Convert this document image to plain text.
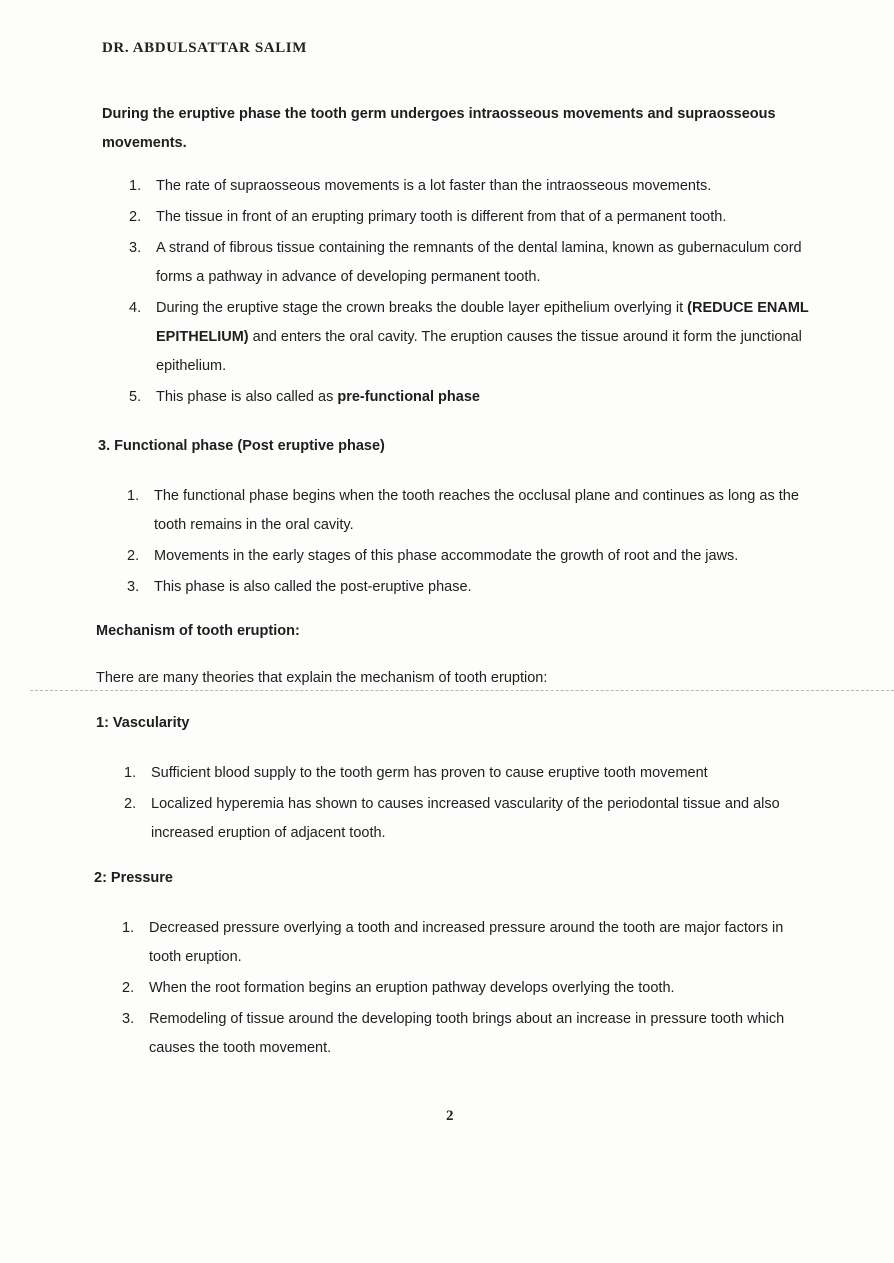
DR. ABDULSATTAR SALIM
During the eruptive phase the tooth germ undergoes intraosseous movements and supraosseous movements.
1. The rate of supraosseous movements is a lot faster than the intraosseous movements.
2. The tissue in front of an erupting primary tooth is different from that of a permanent tooth.
3. A strand of fibrous tissue containing the remnants of the dental lamina, known as gubernaculum cord forms a pathway in advance of developing permanent tooth.
4. During the eruptive stage the crown breaks the double layer epithelium overlying it (REDUCE ENAML EPITHELIUM) and enters the oral cavity. The eruption causes the tissue around it form the junctional epithelium.
5. This phase is also called as pre-functional phase
3. Functional phase (Post eruptive phase)
1. The functional phase begins when the tooth reaches the occlusal plane and continues as long as the tooth remains in the oral cavity.
2. Movements in the early stages of this phase accommodate the growth of root and the jaws.
3. This phase is also called the post-eruptive phase.
Mechanism of tooth eruption:
There are many theories that explain the mechanism of tooth eruption:
1: Vascularity
1. Sufficient blood supply to the tooth germ has proven to cause eruptive tooth movement
2. Localized hyperemia has shown to causes increased vascularity of the periodontal tissue and also increased eruption of adjacent tooth.
2: Pressure
1. Decreased pressure overlying a tooth and increased pressure around the tooth are major factors in tooth eruption.
2. When the root formation begins an eruption pathway develops overlying the tooth.
3. Remodeling of tissue around the developing tooth brings about an increase in pressure tooth which causes the tooth movement.
2
